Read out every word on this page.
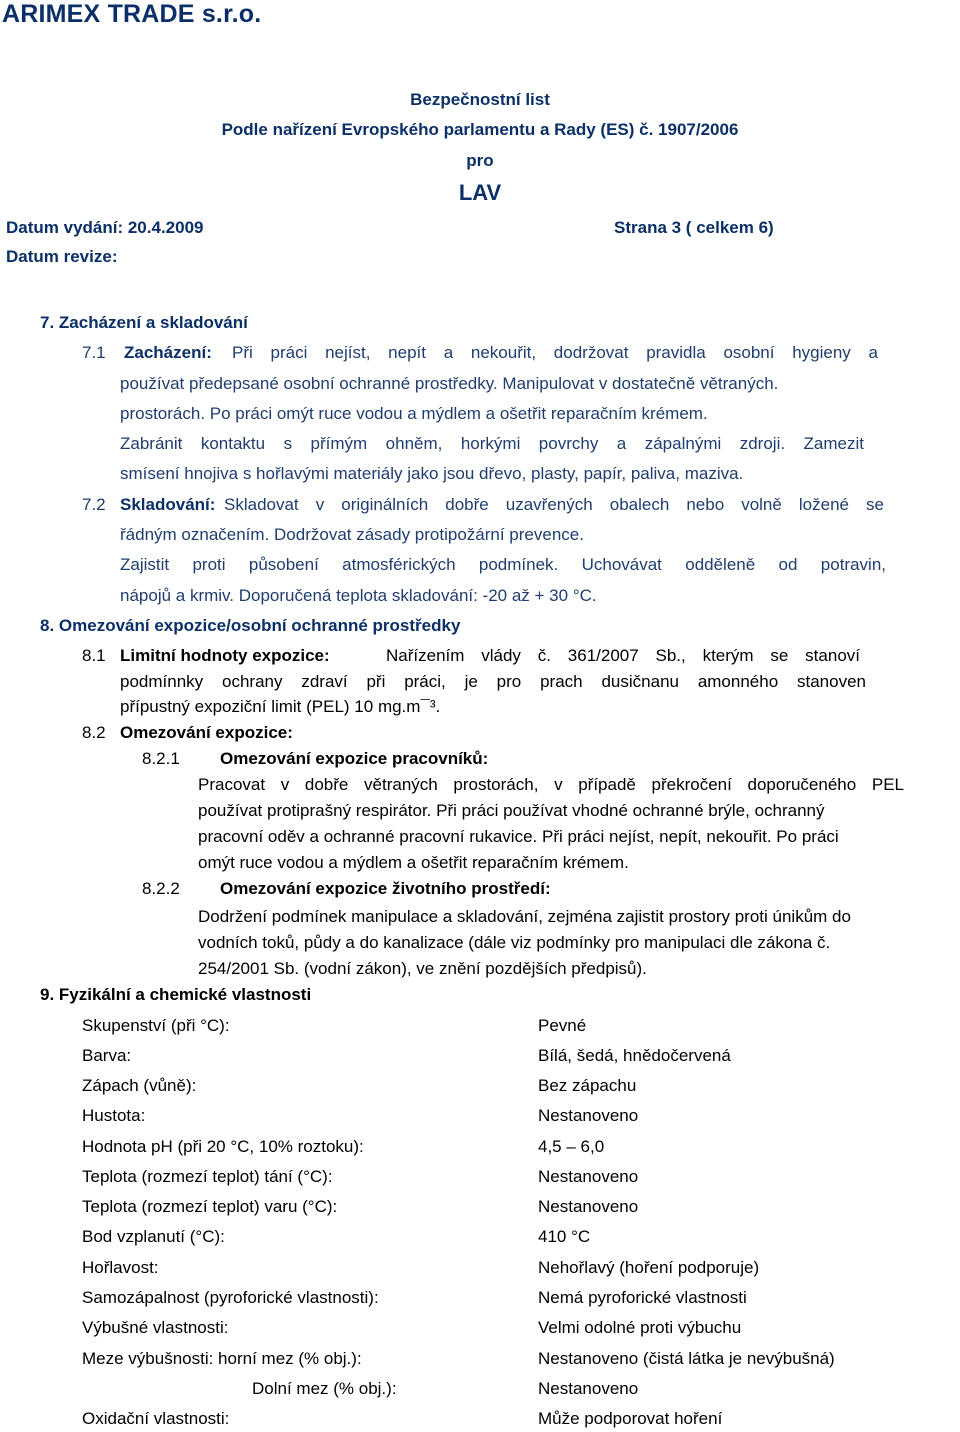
ARIMEX TRADE s.r.o.
Bezpečnostní list
Podle nařízení Evropského parlamentu a Rady (ES) č. 1907/2006
pro
LAV
Datum vydání: 20.4.2009	Strana 3 ( celkem 6)
Datum revize:
7. Zacházení a skladování
7.1 Zacházení: Při práci nejíst, nepít a nekouřit, dodržovat pravidla osobní hygieny a
používat předepsané osobní ochranné prostředky. Manipulovat v dostatečně větraných.
prostorách. Po práci omýt ruce vodou a mýdlem a ošetřit reparačním krémem.
Zabránit kontaktu s přímým ohněm, horkými povrchy a zápalnými zdroji. Zamezit
smísení hnojiva s hořlavými materiály jako jsou dřevo, plasty, papír, paliva, maziva.
7.2 Skladování: Skladovat v originálních dobře uzavřených obalech nebo volně ložené se
řádným označením. Dodržovat zásady protipožární prevence.
Zajistit proti působení atmosférických podmínek. Uchovávat odděleně od potravin,
nápojů a krmiv. Doporučená teplota skladování: -20 až + 30 °C.
8. Omezování expozice/osobní ochranné prostředky
8.1 Limitní hodnoty expozice:	Nařízením vlády č. 361/2007 Sb., kterým se stanoví
podmínnky ochrany zdraví při práci, je pro prach dusičnanu amonného stanoven
přípustný expoziční limit (PEL) 10 mg.m¯³.
8.2 Omezování expozice:
8.2.1 Omezování expozice pracovníků:
Pracovat v dobře větraných prostorách, v případě překročení doporučeného PEL
používat protiprašný respirátor. Při práci používat vhodné ochranné brýle, ochranný
pracovní oděv a ochranné pracovní rukavice. Při práci nejíst, nepít, nekouřit. Po práci
omýt ruce vodou a mýdlem a ošetřit reparačním krémem.
8.2.2 Omezování expozice životního prostředí:
Dodržení podmínek manipulace a skladování, zejména zajistit prostory proti únikům do
vodních toků, půdy a do kanalizace (dále viz podmínky pro manipulaci dle zákona č.
254/2001 Sb. (vodní zákon), ve znění pozdějších předpisů).
9. Fyzikální a chemické vlastnosti
Skupenství (při °C):	Pevné
Barva:	Bílá, šedá, hnědočervená
Zápach (vůně):	Bez zápachu
Hustota:	Nestanoveno
Hodnota pH (při 20 °C, 10% roztoku):	4,5 – 6,0
Teplota (rozmezí teplot) tání (°C):	Nestanoveno
Teplota (rozmezí teplot) varu (°C):	Nestanoveno
Bod vzplanutí (°C):	410 °C
Hořlavost:	Nehořlavý (hoření podporuje)
Samozápalnost (pyroforické vlastnosti):	Nemá pyroforické vlastnosti
Výbušné vlastnosti:	Velmi odolné proti výbuchu
Meze výbušnosti: horní mez (% obj.):	Nestanoveno (čistá látka je nevýbušná)
Dolní mez (% obj.):	Nestanoveno
Oxidační vlastnosti:	Může podporovat hoření
